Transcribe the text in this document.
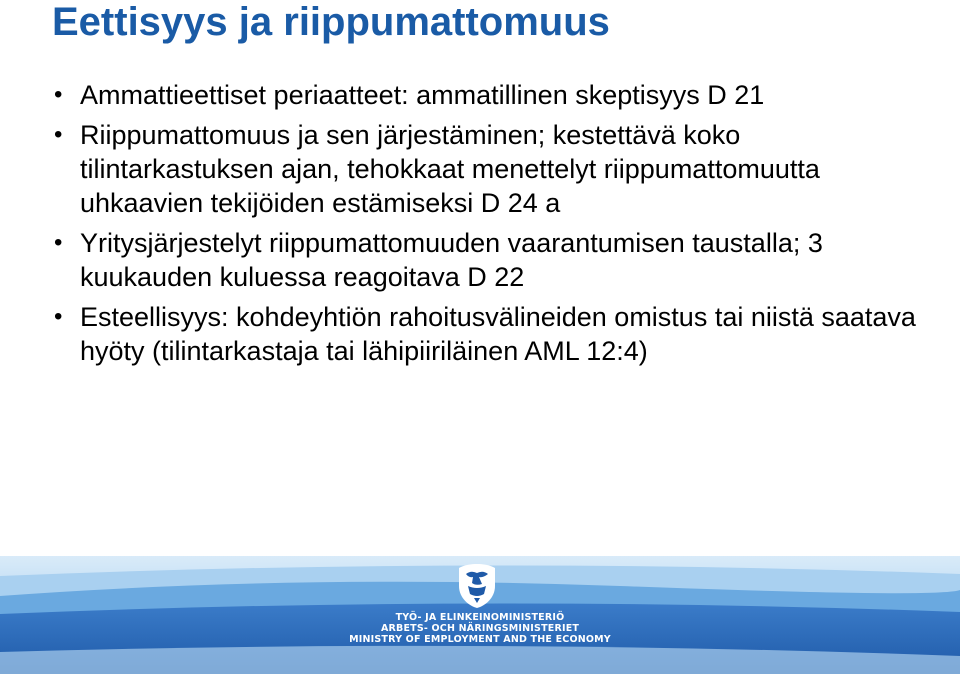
Eettisyys ja riippumattomuus
• Ammattieettiset periaatteet: ammatillinen skeptisyys D 21
• Riippumattomuus ja sen järjestäminen; kestettävä koko tilintarkastuksen ajan, tehokkaat menettelyt riippumattomuutta uhkaavien tekijöiden estämiseksi D 24 a
• Yritysjärjestelyt riippumattomuuden vaarantumisen taustalla; 3 kuukauden kuluessa reagoitava D 22
• Esteellisyys: kohdeyhtiön rahoitusvälineiden omistus tai niistä saatava hyöty (tilintarkastaja tai lähipiiriläinen AML 12:4)
TYÖ- JA ELINKEINOMINISTERIÖ
ARBETS- OCH NÄRINGSMINISTERIET
MINISTRY OF EMPLOYMENT AND THE ECONOMY
